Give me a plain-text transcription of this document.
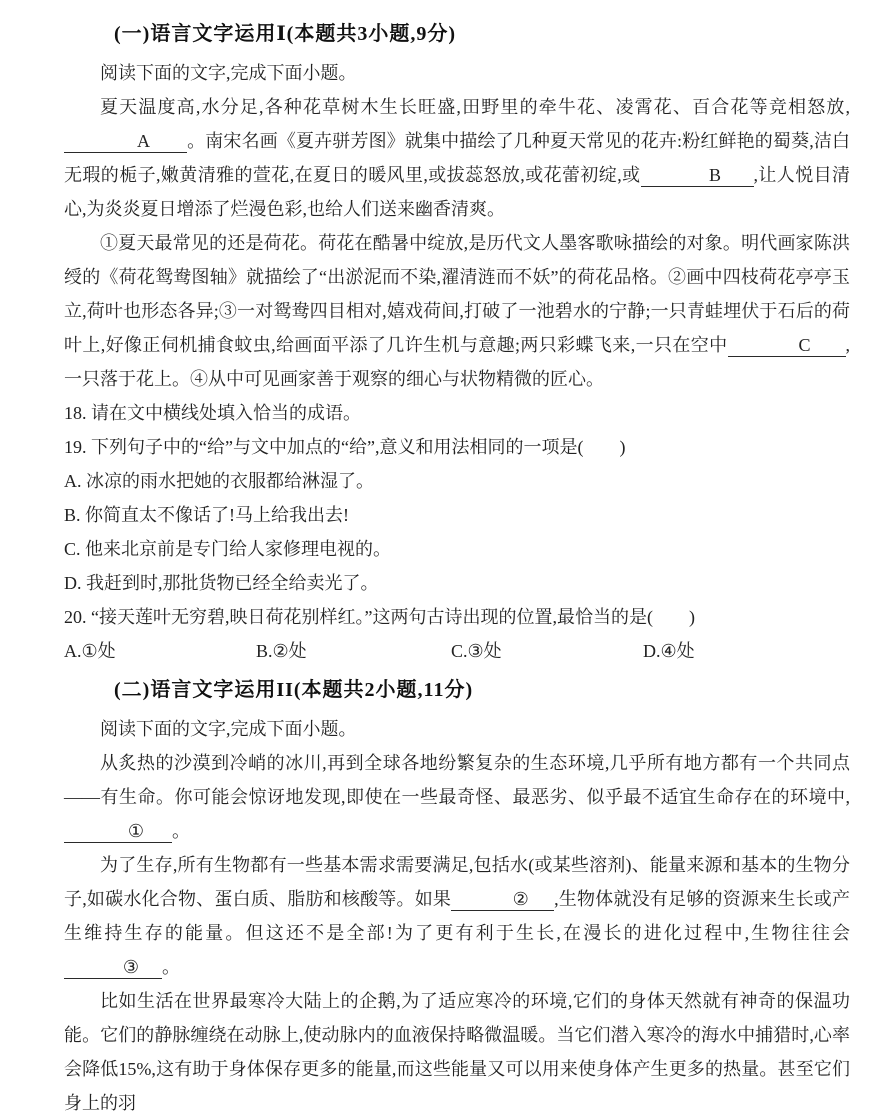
(一)语言文字运用Ⅰ(本题共3小题,9分)

阅读下面的文字,完成下面小题。

夏天温度高,水分足,各种花草树木生长旺盛,田野里的牵牛花、凌霄花、百合花等竞相怒放,A 。南宋名画《夏卉骈芳图》就集中描绘了几种夏天常见的花卉:粉红鲜艳的蜀葵,洁白无瑕的栀子,嫩黄清雅的萱花,在夏日的暖风里,或拔蕊怒放,或花蕾初绽,或	B ,让人悦目清心,为炎炎夏日增添了烂漫色彩,也给人们送来幽香清爽。

①夏天最常见的还是荷花。荷花在酷暑中绽放,是历代文人墨客歌咏描绘的对象。明代画家陈洪绶的《荷花鸳鸯图轴》就描绘了“出淤泥而不染,濯清涟而不妖”的荷花品格。②画中四枝荷花亭亭玉立,荷叶也形态各异;③一对鸳鸯四目相对,嬉戏荷间,打破了一池碧水的宁静;一只青蛙埋伏于石后的荷叶上,好像正伺机捕食蚊虫,给画面平添了几许生机与意趣;两只彩蝶飞来,一只在空中	C ,一只落于花上。④从中可见画家善于观察的细心与状物精微的匠心。

18. 请在文中横线处填入恰当的成语。

19. 下列句子中的“给”与文中加点的“给”,意义和用法相同的一项是(　　)

A. 冰凉的雨水把她的衣服都给淋湿了。

B. 你简直太不像话了!马上给我出去!

C. 他来北京前是专门给人家修理电视的。

D. 我赶到时,那批货物已经全给卖光了。

20. “接天莲叶无穷碧,映日荷花别样红。”这两句古诗出现的位置,最恰当的是(　　)

A.①处	B.②处	C.③处	D.④处
(二)语言文字运用II(本题共2小题,11分)

阅读下面的文字,完成下面小题。

从炙热的沙漠到冷峭的冰川,再到全球各地纷繁复杂的生态环境,几乎所有地方都有一个共同点——有生命。你可能会惊讶地发现,即使在一些最奇怪、最恶劣、似乎最不适宜生命存在的环境中,① 。

为了生存,所有生物都有一些基本需求需要满足,包括水(或某些溶剂)、能量来源和基本的生物分子,如碳水化合物、蛋白质、脂肪和核酸等。如果	② ,生物体就没有足够的资源来生长或产生维持生存的能量。但这还不是全部!为了更有利于生长,在漫长的进化过程中,生物往往会③ 。

比如生活在世界最寒冷大陆上的企鹅,为了适应寒冷的环境,它们的身体天然就有神奇的保温功能。它们的静脉缠绕在动脉上,使动脉内的血液保持略微温暖。当它们潜入寒冷的海水中捕猎时,心率会降低15%,这有助于身体保存更多的能量,而这些能量又可以用来使身体产生更多的热量。甚至它们身上的羽
